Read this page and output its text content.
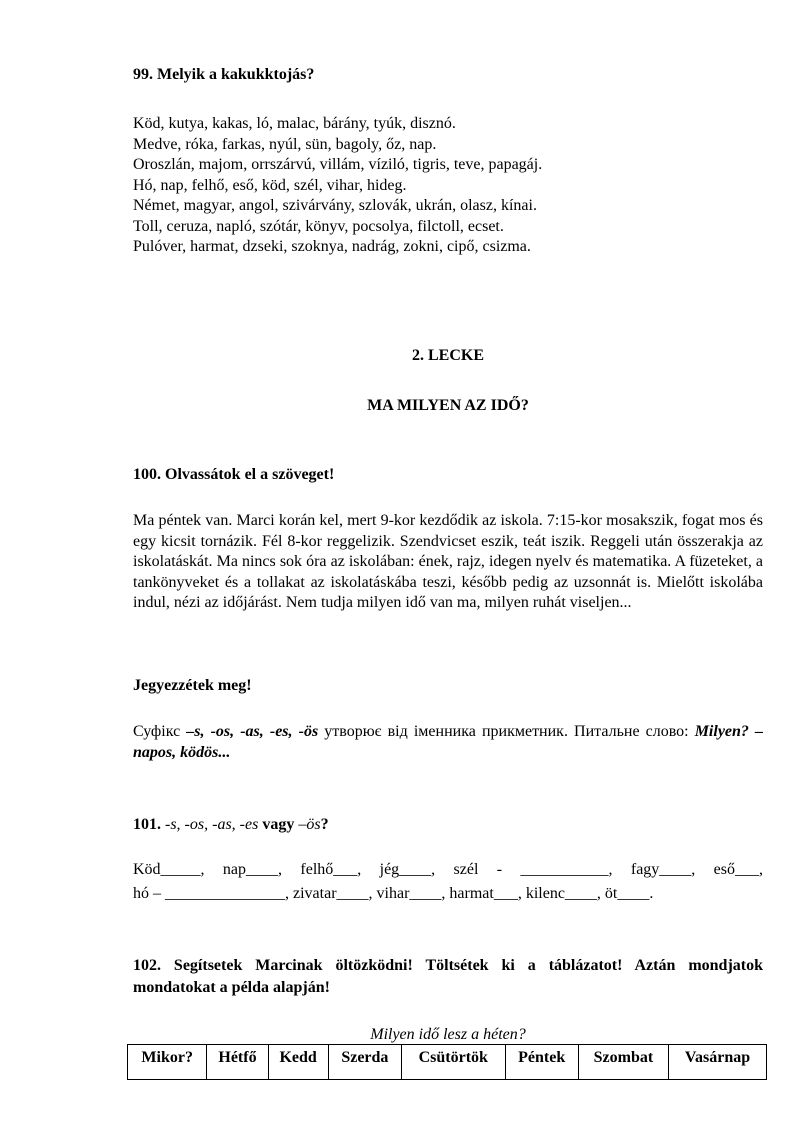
99. Melyik a kakukktojás?

Köd, kutya, kakas, ló, malac, bárány, tyúk, disznó.
Medve, róka, farkas, nyúl, sün, bagoly, őz, nap.
Oroszlán, majom, orrszárvú, villám, víziló, tigris, teve, papagáj.
Hó, nap, felhő, eső, köd, szél, vihar, hideg.
Német, magyar, angol, szivárvány, szlovák, ukrán, olasz, kínai.
Toll, ceruza, napló, szótár, könyv, pocsolya, filctoll, ecset.
Pulóver, harmat, dzseki, szoknya, nadrág, zokni, cipő, csizma.

2. LECKE

MA MILYEN AZ IDŐ?

100. Olvassátok el a szöveget!

Ma péntek van. Marci korán kel, mert 9-kor kezdődik az iskola. 7:15-kor mosakszik, fogat mos és egy kicsit tornázik. Fél 8-kor reggelizik. Szendvicset eszik, teát iszik. Reggeli után összerakja az iskolatáskát. Ma nincs sok óra az iskolában: ének, rajz, idegen nyelv és matematika. A füzeteket, a tankönyveket és a tollakat az iskolatáskába teszi, később pedig az uzsonnát is. Mielőtt iskolába indul, nézi az időjárást. Nem tudja milyen idő van ma, milyen ruhát viseljen...

Jegyezzétek meg!

Суфікс –s, -os, -as, -es, -ös утворює від іменника прикметник. Питальне слово: Milyen? – napos, ködös...

101. -s, -os, -as, -es vagy –ös?

Köd_____, nap____, felhő___, jég____, szél - ___________, fagy____, eső___,

hó – _______________, zivatar____, vihar____, harmat___, kilenc____, öt____.

102. Segítsetek Marcinak öltözködni! Töltsétek ki a táblázatot! Aztán mondjatok mondatokat a példa alapján!

Milyen idő lesz a héten?

Mikor?	Hétfő	Kedd	Szerda	Csütörtök	Péntek	Szombat	Vasárnap
